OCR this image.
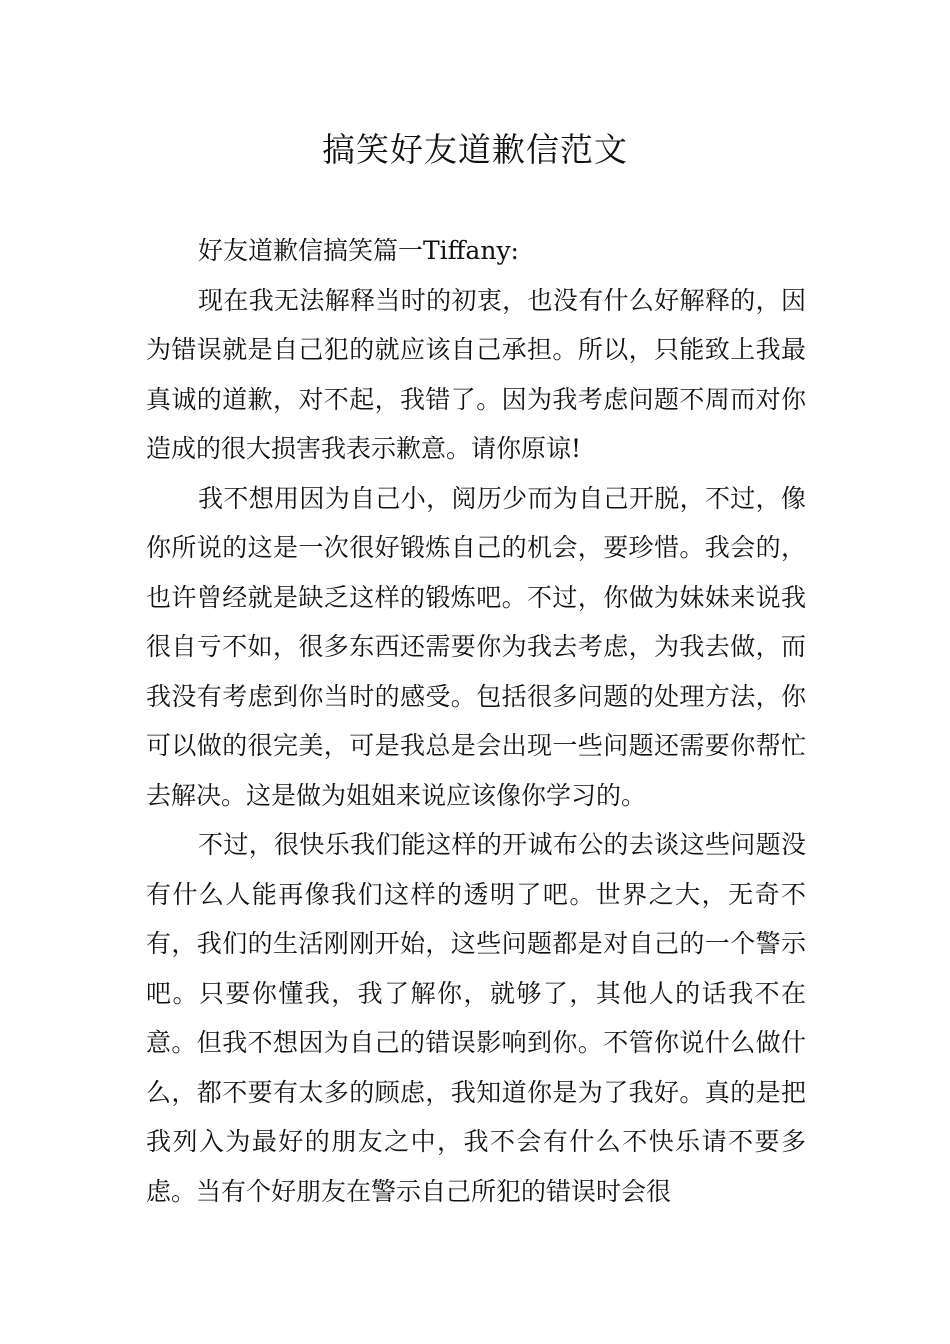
搞笑好友道歉信范文

好友道歉信搞笑篇一Tiffany:

现在我无法解释当时的初衷，也没有什么好解释的，因为错误就是自己犯的就应该自己承担。所以，只能致上我最真诚的道歉，对不起，我错了。因为我考虑问题不周而对你造成的很大损害我表示歉意。请你原谅!

我不想用因为自己小，阅历少而为自己开脱，不过，像你所说的这是一次很好锻炼自己的机会，要珍惜。我会的，也许曾经就是缺乏这样的锻炼吧。不过，你做为妹妹来说我很自亏不如，很多东西还需要你为我去考虑，为我去做，而我没有考虑到你当时的感受。包括很多问题的处理方法，你可以做的很完美，可是我总是会出现一些问题还需要你帮忙去解决。这是做为姐姐来说应该像你学习的。

不过，很快乐我们能这样的开诚布公的去谈这些问题没有什么人能再像我们这样的透明了吧。世界之大，无奇不有，我们的生活刚刚开始，这些问题都是对自己的一个警示吧。只要你懂我，我了解你，就够了，其他人的话我不在意。但我不想因为自己的错误影响到你。不管你说什么做什么，都不要有太多的顾虑，我知道你是为了我好。真的是把我列入为最好的朋友之中，我不会有什么不快乐请不要多虑。当有个好朋友在警示自己所犯的错误时会很
